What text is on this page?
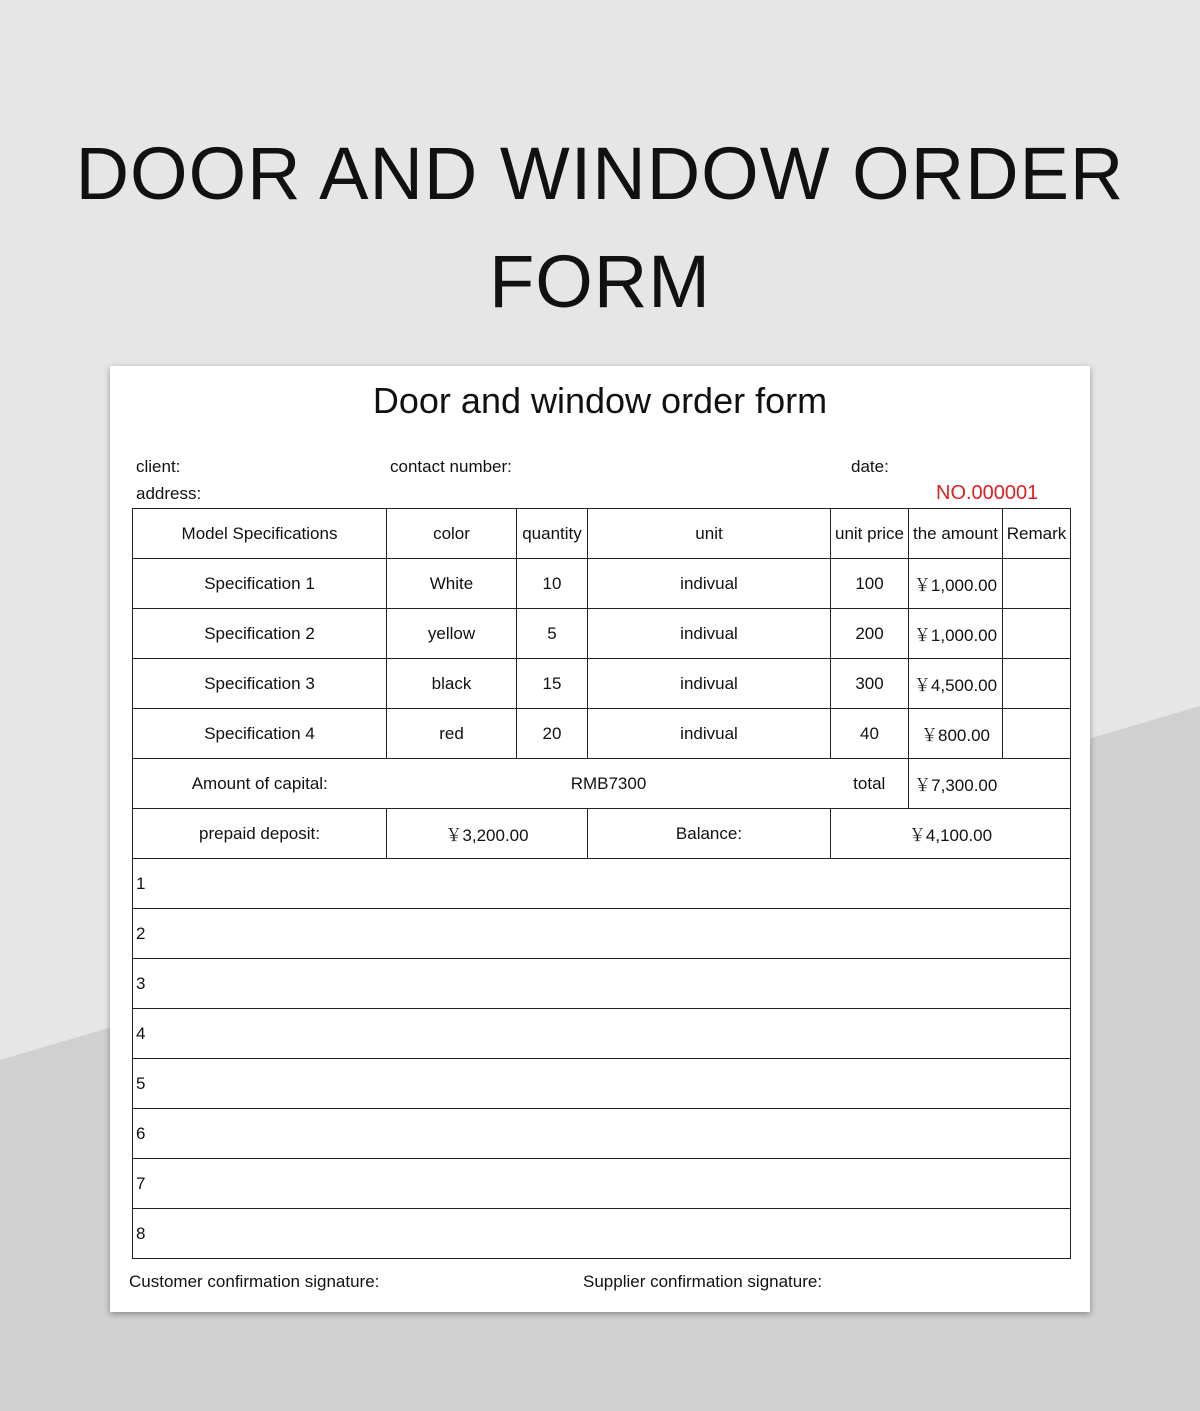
DOOR AND WINDOW ORDER FORM
Door and window order form
client:	contact number:	date:
address:	NO.000001
Model Specifications	color	quantity	unit	unit price	the amount	Remark
Specification 1	White	10	indivual	100	￥1,000.00	
Specification 2	yellow	5	indivual	200	￥1,000.00	
Specification 3	black	15	indivual	300	￥4,500.00	
Specification 4	red	20	indivual	40	￥800.00	
Amount of capital:	RMB7300 total				￥7,300.00	
prepaid deposit:	￥3,200.00		Balance:	￥4,100.00		
1						
2						
3						
4						
5						
6						
7						
8						
Customer confirmation signature:	Supplier confirmation signature:
